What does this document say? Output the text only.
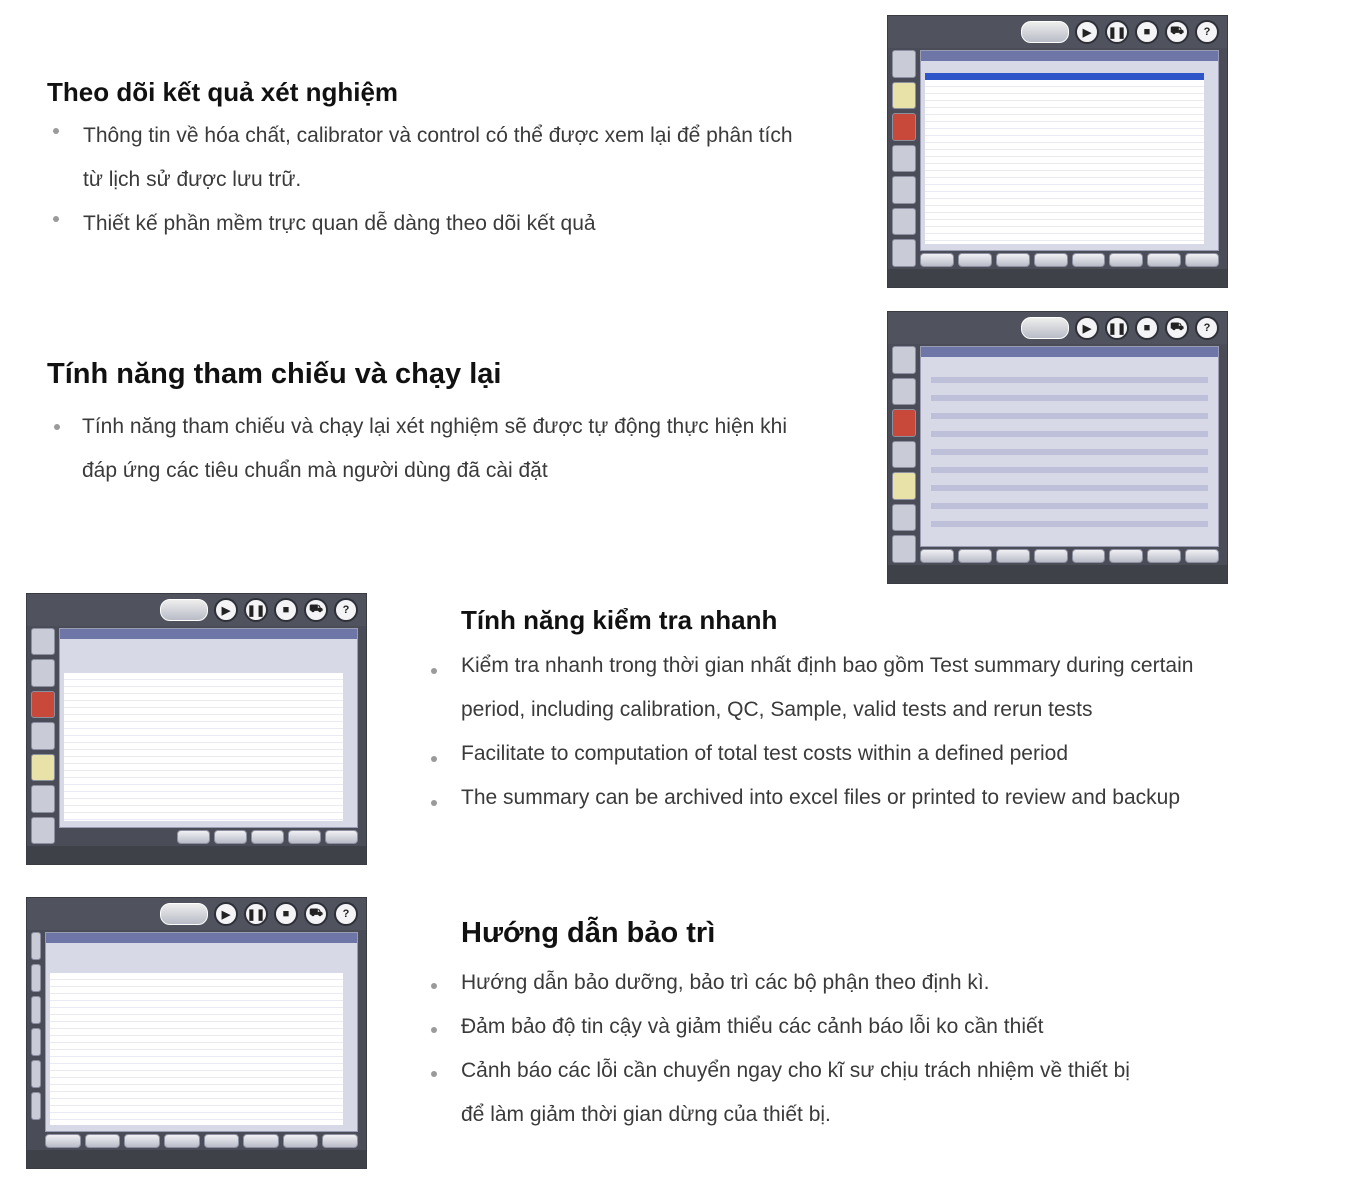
Theo dõi kết quả xét nghiệm
Thông tin về hóa chất, calibrator và control có thể được xem lại để phân tích
từ lịch sử được lưu trữ.
Thiết kế phần mềm trực quan dễ dàng theo dõi kết quả
Tính năng tham chiếu và chạy lại
Tính năng tham chiếu và chạy lại xét nghiệm sẽ được tự động thực hiện khi
đáp ứng các tiêu chuẩn mà người dùng đã cài đặt
Tính năng kiểm tra nhanh
Kiểm tra nhanh trong thời gian nhất định bao gồm Test summary during certain
period, including calibration, QC, Sample, valid tests and rerun tests
Facilitate to computation of total test costs within a defined period
The summary can be archived into excel files or printed to review and backup
Hướng dẫn bảo trì
Hướng dẫn bảo dưỡng, bảo trì các bộ phận theo định kì.
Đảm bảo độ tin cậy và giảm thiểu các cảnh báo lỗi ko cần thiết
Cảnh báo các lỗi cần chuyển ngay cho kĩ sư chịu trách nhiệm về thiết bị
để làm giảm thời gian dừng của thiết bị.
▶	❚❚	■	⛟	?
▶	❚❚	■	⛟	?
▶	❚❚	■	⛟	?
▶	❚❚	■	⛟	?
